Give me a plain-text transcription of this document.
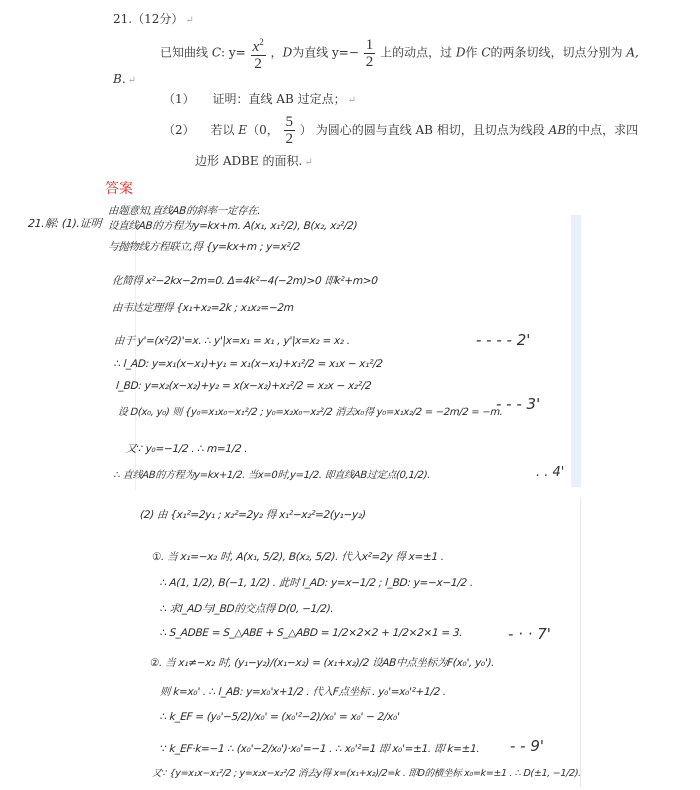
21.（12分） ↵
已知曲线 C: $y= \frac{x^2}{2}$ ，D为直线 $y=- \frac{1}{2}$ 上的动点，过 D作 C的两条切线，切点分别为 A,
B. ↵
（1） 证明：直线 AB 过定点； ↵
（2） 若以 E（0， $\frac{5}{2}$ ） 为圆心的圆与直线 AB 相切，且切点为线段 AB的中点，求四
边形 ADBE 的面积. ↵
答案
21.解: (1).证明
由题意知,直线AB的斜率一定存在.
设直线AB的方程为y=kx+m. A(x₁, x₁²/2), B(x₂, x₂²/2)
与抛物线方程联立,得 {y=kx+m ; y=x²/2
化简得 x²−2kx−2m=0. Δ=4k²−4(−2m)>0 即k²+m>0
由韦达定理得 {x₁+x₂=2k ; x₁x₂=−2m
由于 y'=(x²/2)'=x. ∴ y'|x=x₁ = x₁ , y'|x=x₂ = x₂ .
∴ l_AD: y=x₁(x−x₁)+y₁ = x₁(x−x₁)+x₁²/2 = x₁x − x₁²/2
l_BD: y=x₂(x−x₂)+y₂ = x(x−x₂)+x₂²/2 = x₂x − x₂²/2
设 D(x₀, y₀) 则 {y₀=x₁x₀−x₁²/2 ; y₀=x₂x₀−x₂²/2 消去x₀得 y₀=x₁x₂/2 = −2m/2 = −m.
又∵ y₀=−1/2 . ∴ m=1/2 .
∴ 直线AB的方程为y=kx+1/2. 当x=0时,y=1/2. 即直线AB过定点(0,1/2).
- - - - 2'
- - - 3'
. . 4'
(2) 由 {x₁²=2y₁ ; x₂²=2y₂ 得 x₁²−x₂²=2(y₁−y₂)
①. 当 x₁=−x₂ 时, A(x₁, 5/2), B(x₂, 5/2). 代入x²=2y 得 x=±1 .
∴ A(1, 1/2), B(−1, 1/2) . 此时 l_AD: y=x−1/2 ; l_BD: y=−x−1/2 .
∴ 求l_AD与l_BD的交点得 D(0, −1/2).
∴ S_ADBE = S_△ABE + S_△ABD = 1/2×2×2 + 1/2×2×1 = 3.
②. 当 x₁≠−x₂ 时, (y₁−y₂)/(x₁−x₂) = (x₁+x₂)/2 设AB中点坐标为F(x₀', y₀').
则 k=x₀' . ∴ l_AB: y=x₀'x+1/2 . 代入F点坐标 . y₀'=x₀'²+1/2 .
∴ k_EF = (y₀'−5/2)/x₀' = (x₀'²−2)/x₀' = x₀' − 2/x₀'
∵ k_EF·k=−1 ∴ (x₀'−2/x₀')·x₀'=−1 . ∴ x₀'²=1 即 x₀'=±1. 即 k=±1.
又∵ {y=x₁x−x₁²/2 ; y=x₂x−x₂²/2 消去y得 x=(x₁+x₂)/2=k . 即D的横坐标 x₀=k=±1 . ∴ D(±1, −1/2).
- · · 7'
- - 9'
